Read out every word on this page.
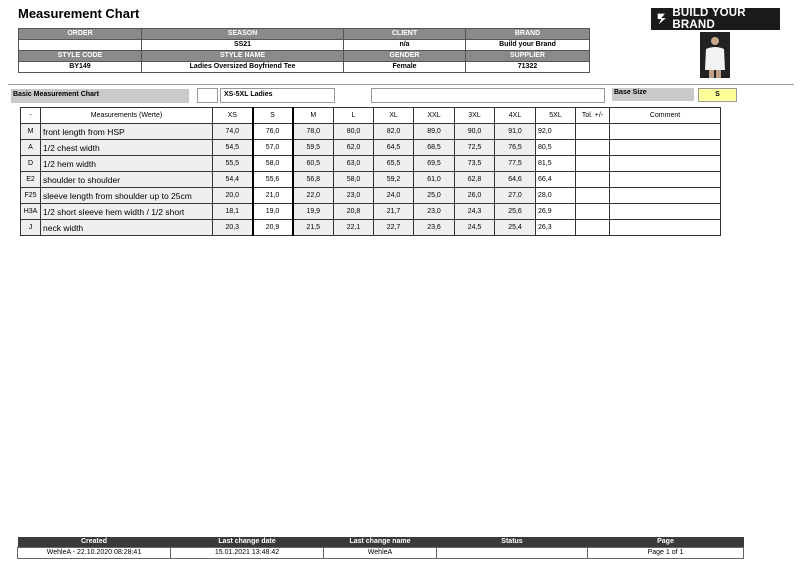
Measurement Chart	BUILD YOUR BRAND
ORDER	SEASON	CLIENT	BRAND
	SS21	n/a	Build your Brand
STYLE CODE	STYLE NAME	GENDER	SUPPLIER
BY149	Ladies Oversized Boyfriend Tee	Female	71322
Basic Measurement Chart	XS-5XL Ladies	Base Size	S
-	Measurements (Werte)	XS	S	M	L	XL	XXL	3XL	4XL	5XL	Tol. +/-	Comment
M	front length from HSP	74,0	76,0	78,0	80,0	82,0	89,0	90,0	91,0	92,0		
A	1/2 chest width	54,5	57,0	59,5	62,0	64,5	68,5	72,5	76,5	80,5		
D	1/2 hem width	55,5	58,0	60,5	63,0	65,5	69,5	73,5	77,5	81,5		
E2	shoulder to shoulder	54,4	55,6	56,8	58,0	59,2	61,0	62,8	64,6	66,4		
F25	sleeve length from shoulder up to 25cm	20,0	21,0	22,0	23,0	24,0	25,0	26,0	27,0	28,0		
H3A	1/2 short sleeve hem width / 1/2 short	18,1	19,0	19,9	20,8	21,7	23,0	24,3	25,6	26,9		
J	neck width	20,3	20,9	21,5	22,1	22,7	23,6	24,5	25,4	26,3		
Created	Last change date	Last change name	Status	Page
WehleA - 22.10.2020 08:28:41	15.01.2021 13:48:42	WehleA		Page 1 of 1
